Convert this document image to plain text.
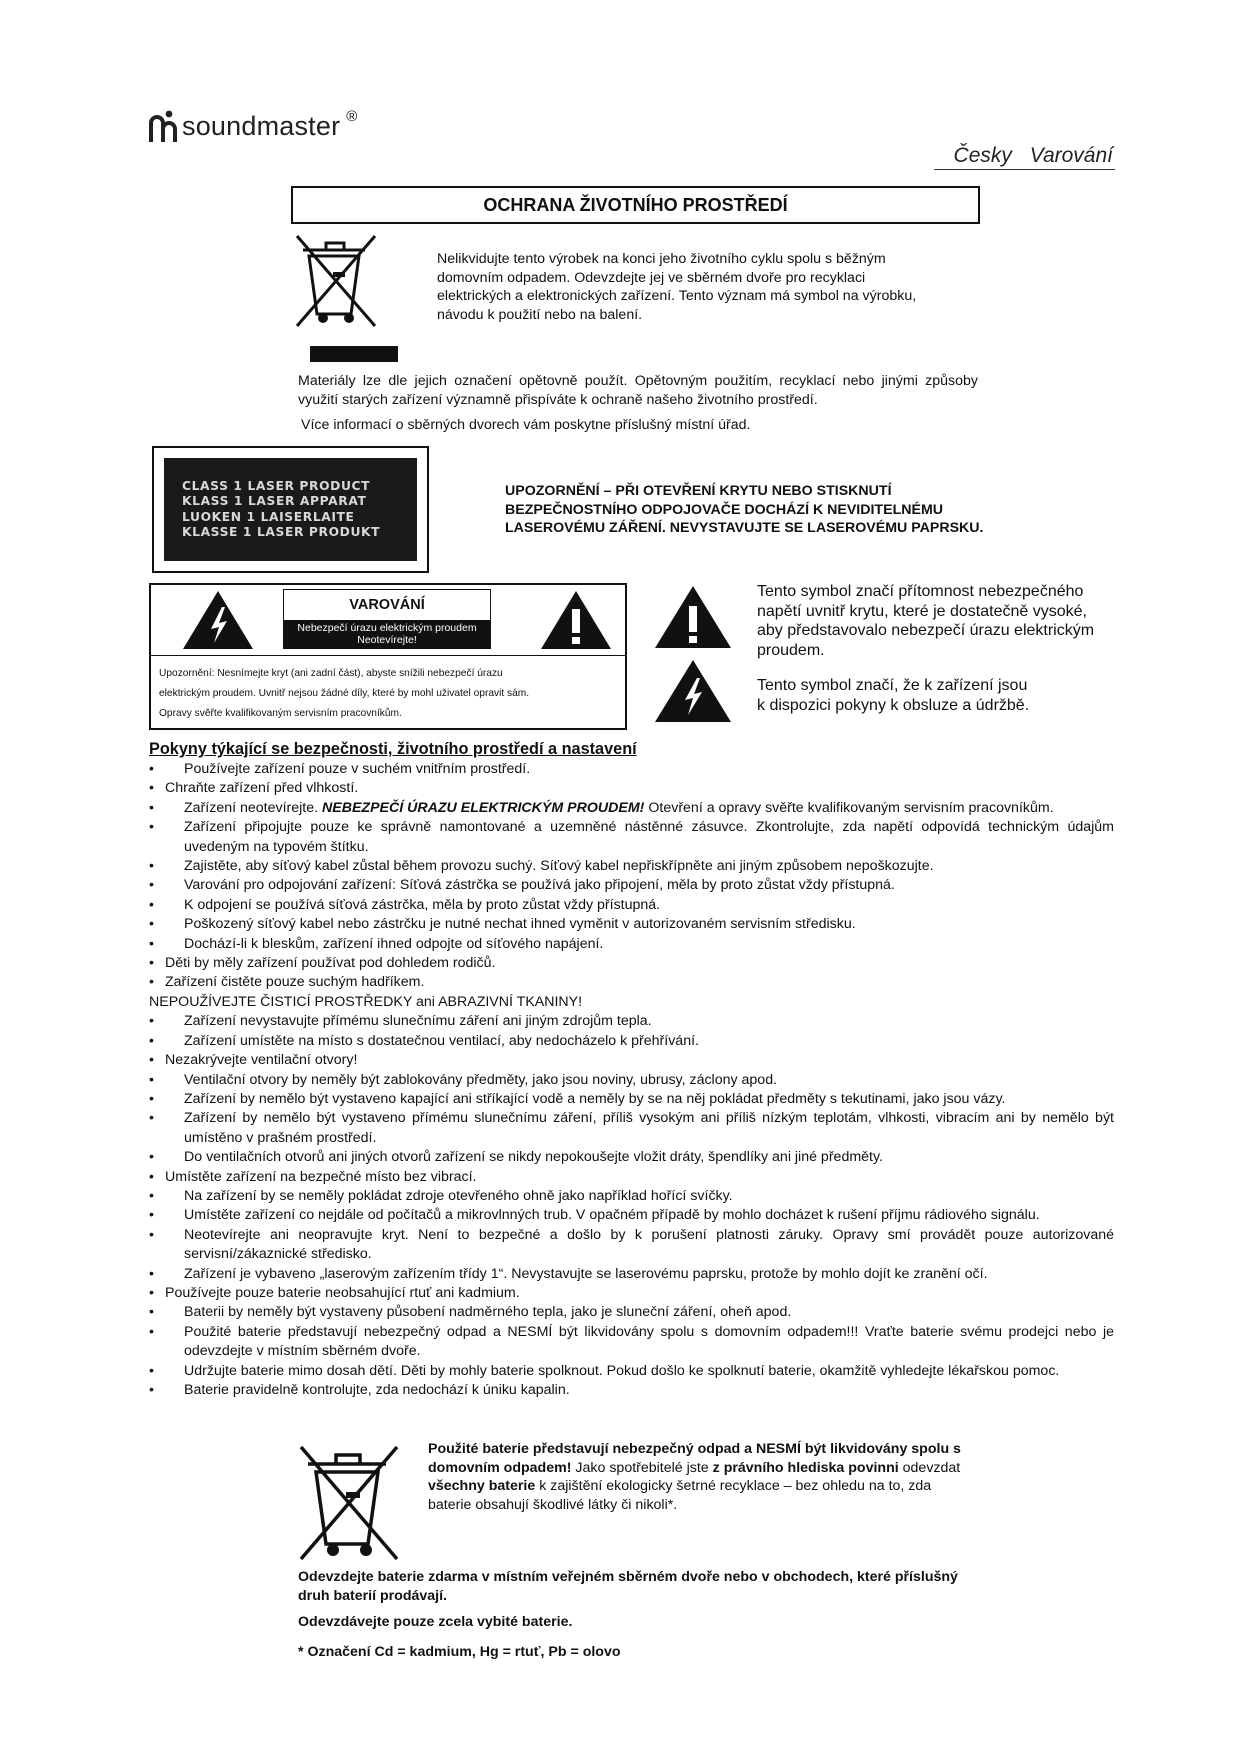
soundmaster ®
Česky Varování
OCHRANA ŽIVOTNÍHO PROSTŘEDÍ
Nelikvidujte tento výrobek na konci jeho životního cyklu spolu s běžným
domovním odpadem. Odevzdejte jej ve sběrném dvoře pro recyklaci
elektrických a elektronických zařízení. Tento význam má symbol na výrobku,
návodu k použití nebo na balení.
Materiály lze dle jejich označení opětovně použít. Opětovným použitím, recyklací nebo jinými způsoby využití starých zařízení významně přispíváte k ochraně našeho životního prostředí.
Více informací o sběrných dvorech vám poskytne příslušný místní úřad.
CLASS 1 LASER PRODUCT
KLASS 1 LASER APPARAT
LUOKEN 1 LAISERLAITE
KLASSE 1 LASER PRODUKT
UPOZORNĚNÍ – PŘI OTEVŘENÍ KRYTU NEBO STISKNUTÍ
BEZPEČNOSTNÍHO ODPOJOVAČE DOCHÁZÍ K NEVIDITELNÉMU
LASEROVÉMU ZÁŘENÍ. NEVYSTAVUJTE SE LASEROVÉMU PAPRSKU.
VAROVÁNÍ
Nebezpečí úrazu elektrickým proudem
Neotevírejte!
Upozornění: Nesnímejte kryt (ani zadní část), abyste snížili nebezpečí úrazu
elektrickým proudem. Uvnitř nejsou žádné díly, které by mohl uživatel opravit sám.
Opravy svěřte kvalifikovaným servisním pracovníkům.
Tento symbol značí přítomnost nebezpečného
napětí uvnitř krytu, které je dostatečně vysoké,
aby představovalo nebezpečí úrazu elektrickým
proudem.
Tento symbol značí, že k zařízení jsou
k dispozici pokyny k obsluze a údržbě.
Pokyny týkající se bezpečnosti, životního prostředí a nastavení
• Používejte zařízení pouze v suchém vnitřním prostředí.
• Chraňte zařízení před vlhkostí.
• Zařízení neotevírejte. NEBEZPEČÍ ÚRAZU ELEKTRICKÝM PROUDEM! Otevření a opravy svěřte kvalifikovaným servisním pracovníkům.
• Zařízení připojujte pouze ke správně namontované a uzemněné nástěnné zásuvce. Zkontrolujte, zda napětí odpovídá technickým údajům uvedeným na typovém štítku.
• Zajistěte, aby síťový kabel zůstal během provozu suchý. Síťový kabel nepřiskřípněte ani jiným způsobem nepoškozujte.
• Varování pro odpojování zařízení: Síťová zástrčka se používá jako připojení, měla by proto zůstat vždy přístupná.
• K odpojení se používá síťová zástrčka, měla by proto zůstat vždy přístupná.
• Poškozený síťový kabel nebo zástrčku je nutné nechat ihned vyměnit v autorizovaném servisním středisku.
• Dochází-li k bleskům, zařízení ihned odpojte od síťového napájení.
• Děti by měly zařízení používat pod dohledem rodičů.
• Zařízení čistěte pouze suchým hadříkem.
NEPOUŽÍVEJTE ČISTICÍ PROSTŘEDKY ani ABRAZIVNÍ TKANINY!
• Zařízení nevystavujte přímému slunečnímu záření ani jiným zdrojům tepla.
• Zařízení umístěte na místo s dostatečnou ventilací, aby nedocházelo k přehřívání.
• Nezakrývejte ventilační otvory!
• Ventilační otvory by neměly být zablokovány předměty, jako jsou noviny, ubrusy, záclony apod.
• Zařízení by nemělo být vystaveno kapající ani stříkající vodě a neměly by se na něj pokládat předměty s tekutinami, jako jsou vázy.
• Zařízení by nemělo být vystaveno přímému slunečnímu záření, příliš vysokým ani příliš nízkým teplotám, vlhkosti, vibracím ani by nemělo být umístěno v prašném prostředí.
• Do ventilačních otvorů ani jiných otvorů zařízení se nikdy nepokoušejte vložit dráty, špendlíky ani jiné předměty.
• Umístěte zařízení na bezpečné místo bez vibrací.
• Na zařízení by se neměly pokládat zdroje otevřeného ohně jako například hořící svíčky.
• Umístěte zařízení co nejdále od počítačů a mikrovlnných trub. V opačném případě by mohlo docházet k rušení příjmu rádiového signálu.
• Neotevírejte ani neopravujte kryt. Není to bezpečné a došlo by k porušení platnosti záruky. Opravy smí provádět pouze autorizované servisní/zákaznické středisko.
• Zařízení je vybaveno „laserovým zařízením třídy 1“. Nevystavujte se laserovému paprsku, protože by mohlo dojít ke zranění očí.
• Používejte pouze baterie neobsahující rtuť ani kadmium.
• Baterii by neměly být vystaveny působení nadměrného tepla, jako je sluneční záření, oheň apod.
• Použité baterie představují nebezpečný odpad a NESMÍ být likvidovány spolu s domovním odpadem!!! Vraťte baterie svému prodejci nebo je odevzdejte v místním sběrném dvoře.
• Udržujte baterie mimo dosah dětí. Děti by mohly baterie spolknout. Pokud došlo ke spolknutí baterie, okamžitě vyhledejte lékařskou pomoc.
• Baterie pravidelně kontrolujte, zda nedochází k úniku kapalin.
Použité baterie představují nebezpečný odpad a NESMÍ být likvidovány spolu s domovním odpadem! Jako spotřebitelé jste z právního hlediska povinni odevzdat všechny baterie k zajištění ekologicky šetrné recyklace – bez ohledu na to, zda baterie obsahují škodlivé látky či nikoli*.
Odevzdejte baterie zdarma v místním veřejném sběrném dvoře nebo v obchodech, které příslušný druh baterií prodávají.
Odevzdávejte pouze zcela vybité baterie.
* Označení Cd = kadmium, Hg = rtuť, Pb = olovo
